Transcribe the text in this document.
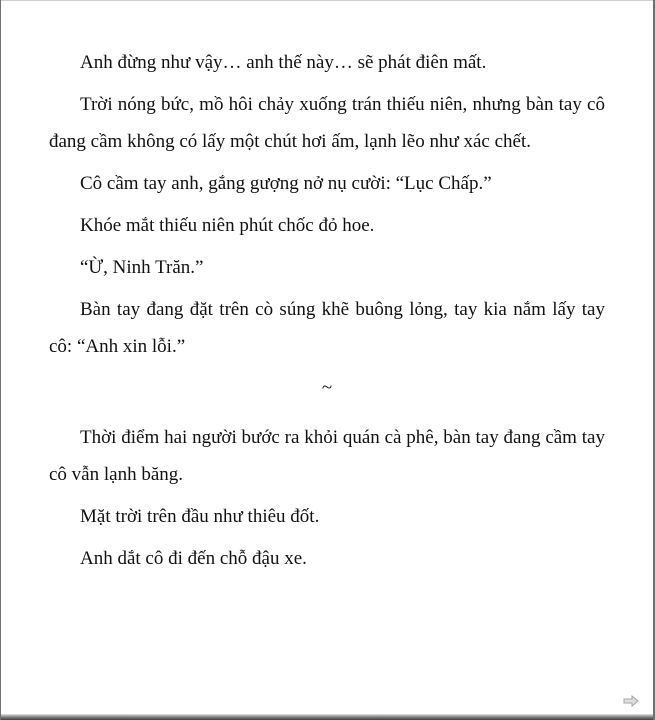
Anh đừng như vậy… anh thế này… sẽ phát điên mất.

Trời nóng bức, mồ hôi chảy xuống trán thiếu niên, nhưng bàn tay cô đang cầm không có lấy một chút hơi ấm, lạnh lẽo như xác chết.

Cô cầm tay anh, gắng gượng nở nụ cười: “Lục Chấp.”

Khóe mắt thiếu niên phút chốc đỏ hoe.

“Ừ, Ninh Trăn.”

Bàn tay đang đặt trên cò súng khẽ buông lỏng, tay kia nắm lấy tay cô: “Anh xin lỗi.”

~

Thời điểm hai người bước ra khỏi quán cà phê, bàn tay đang cầm tay cô vẫn lạnh băng.

Mặt trời trên đầu như thiêu đốt.

Anh dắt cô đi đến chỗ đậu xe.
